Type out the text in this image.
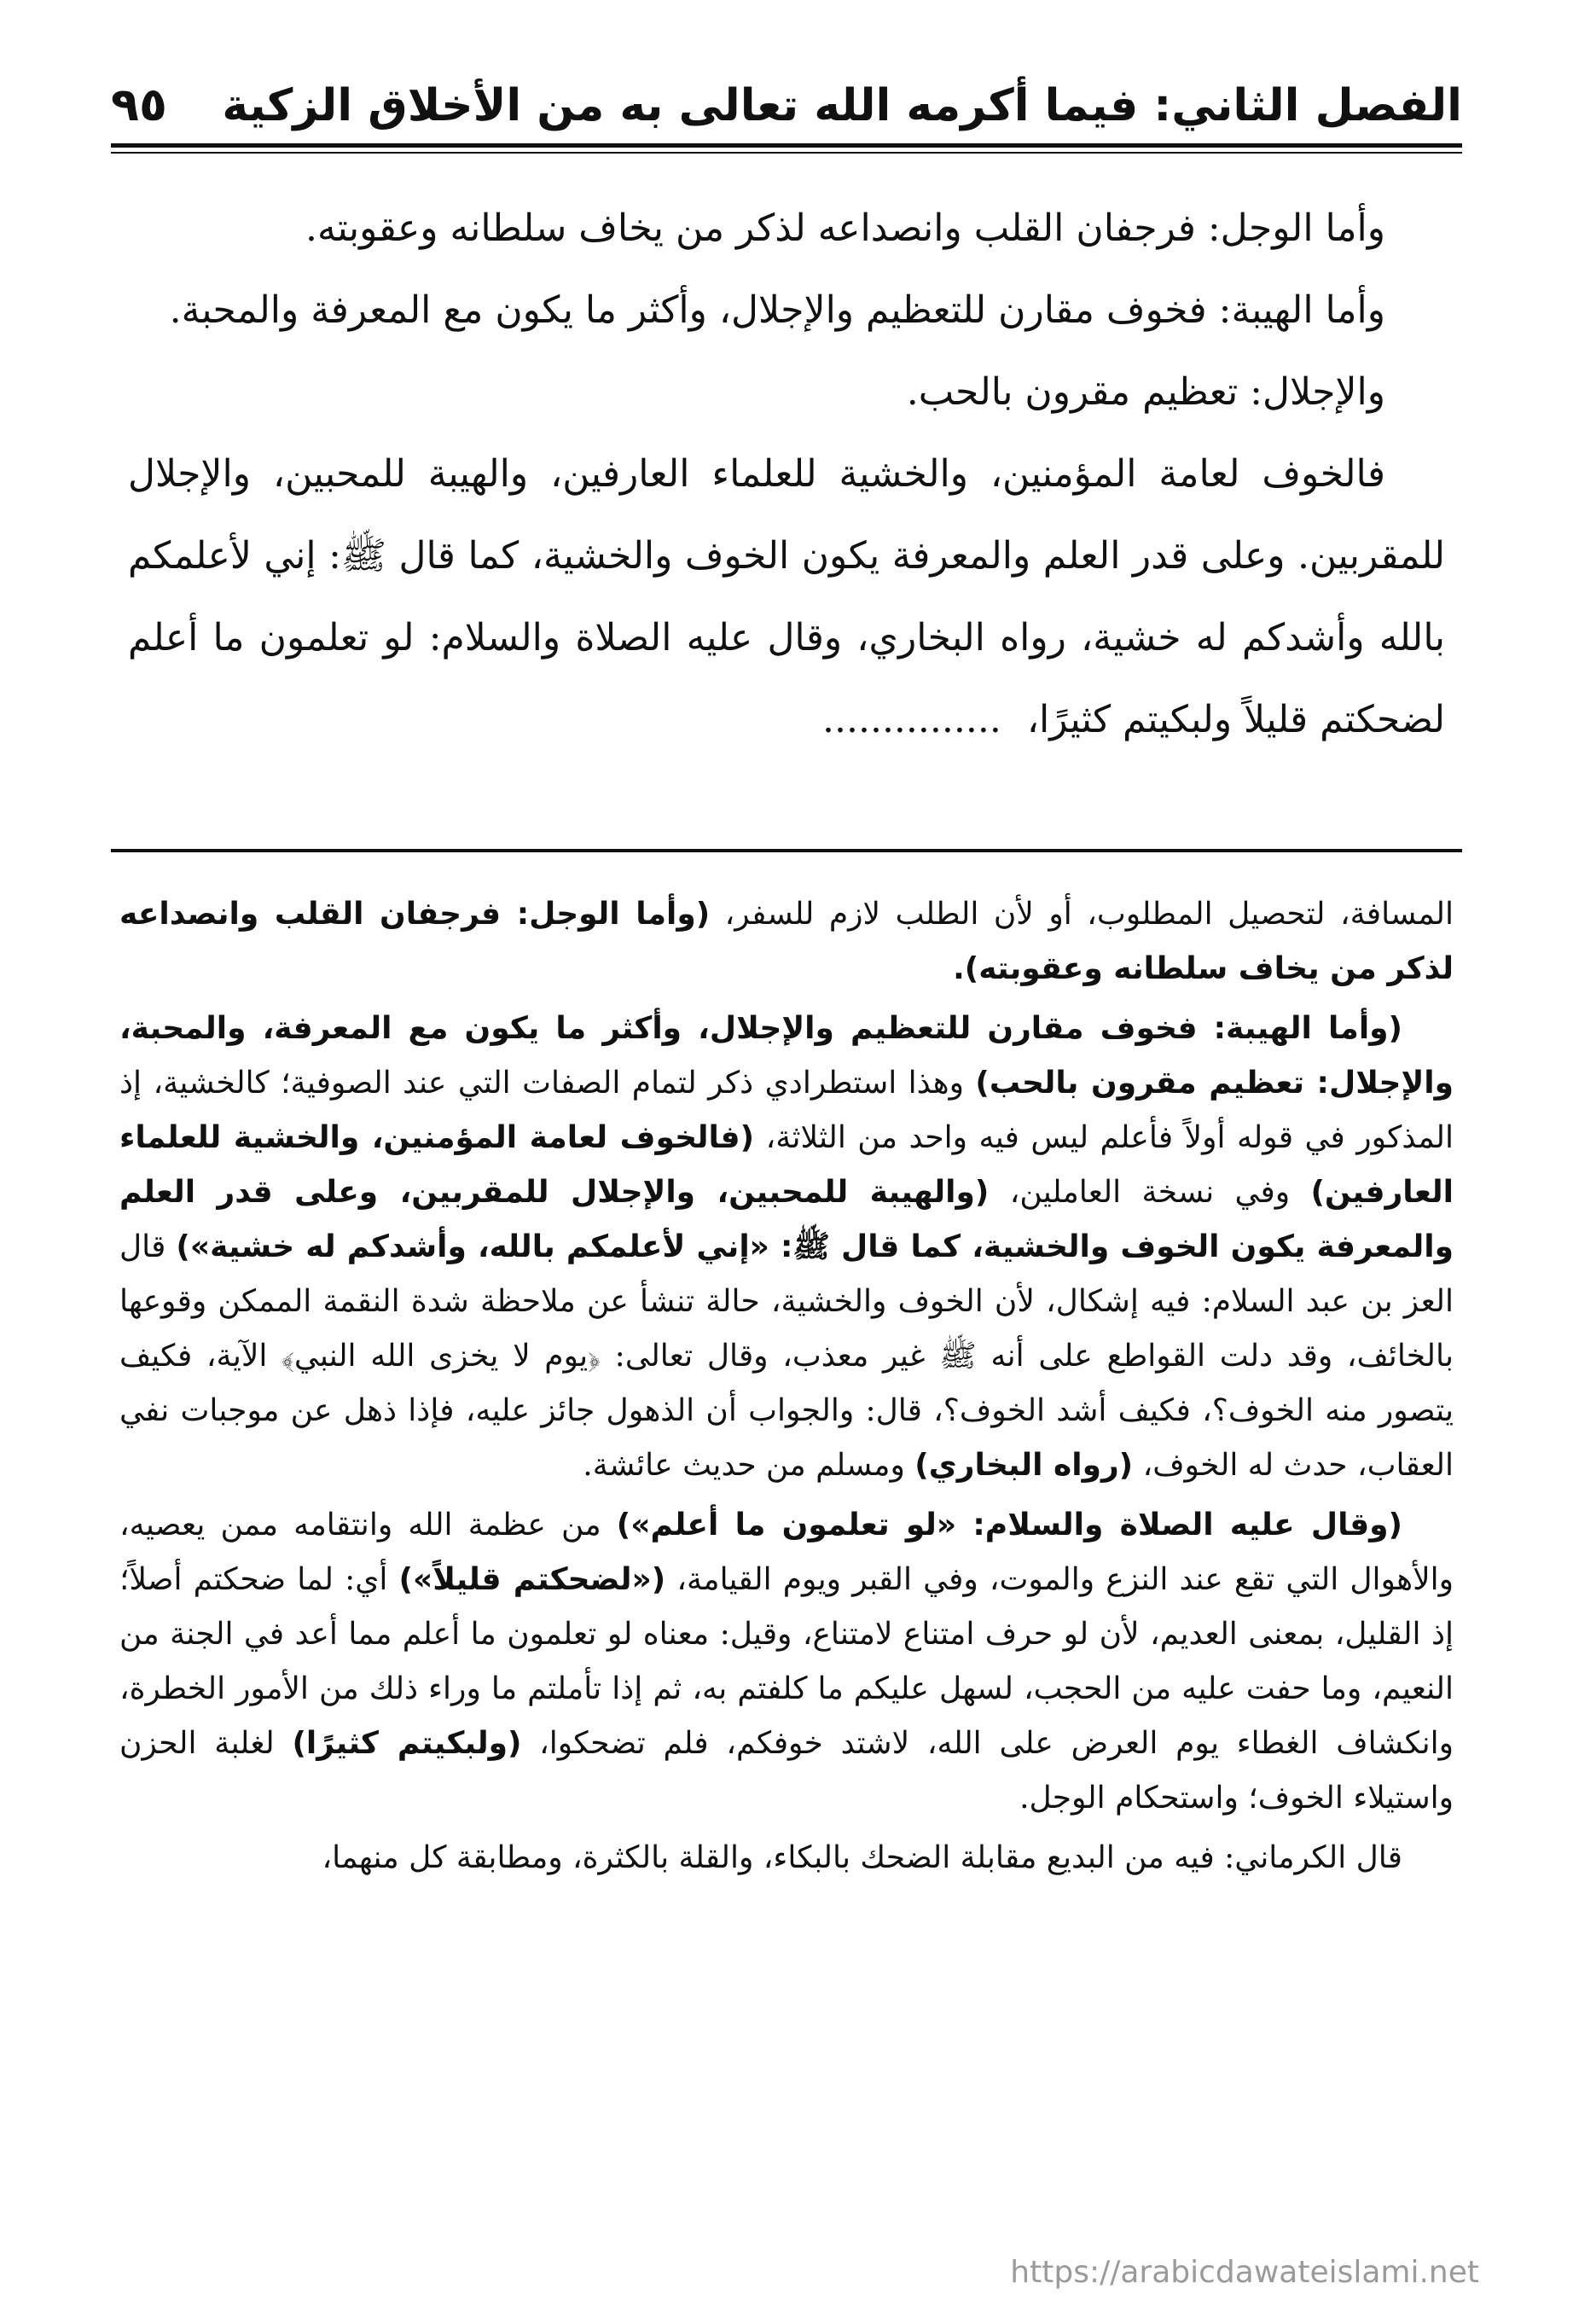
الفصل الثاني: فيما أكرمه الله تعالى به من الأخلاق الزكية
٩٥

وأما الوجل: فرجفان القلب وانصداعه لذكر من يخاف سلطانه وعقوبته.

وأما الهيبة: فخوف مقارن للتعظيم والإجلال، وأكثر ما يكون مع المعرفة والمحبة.

والإجلال: تعظيم مقرون بالحب.

فالخوف لعامة المؤمنين، والخشية للعلماء العارفين، والهيبة للمحبين، والإجلال للمقربين. وعلى قدر العلم والمعرفة يكون الخوف والخشية، كما قال ﷺ: إني لأعلمكم بالله وأشدكم له خشية، رواه البخاري، وقال عليه الصلاة والسلام: لو تعلمون ما أعلم لضحكتم قليلاً ولبكيتم كثيرًا،...............

المسافة، لتحصيل المطلوب، أو لأن الطلب لازم للسفر، (وأما الوجل: فرجفان القلب وانصداعه لذكر من يخاف سلطانه وعقوبته).

(وأما الهيبة: فخوف مقارن للتعظيم والإجلال، وأكثر ما يكون مع المعرفة، والمحبة، والإجلال: تعظيم مقرون بالحب) وهذا استطرادي ذكر لتمام الصفات التي عند الصوفية؛ كالخشية، إذ المذكور في قوله أولاً فأعلم ليس فيه واحد من الثلاثة، (فالخوف لعامة المؤمنين، والخشية للعلماء العارفين) وفي نسخة العاملين، (والهيبة للمحبين، والإجلال للمقربين، وعلى قدر العلم والمعرفة يكون الخوف والخشية، كما قال ﷺ: «إني لأعلمكم بالله، وأشدكم له خشية») قال العز بن عبد السلام: فيه إشكال، لأن الخوف والخشية، حالة تنشأ عن ملاحظة شدة النقمة الممكن وقوعها بالخائف، وقد دلت القواطع على أنه ﷺ غير معذب، وقال تعالى: ﴿يوم لا يخزى الله النبي﴾ الآية، فكيف يتصور منه الخوف؟، فكيف أشد الخوف؟، قال: والجواب أن الذهول جائز عليه، فإذا ذهل عن موجبات نفي العقاب، حدث له الخوف، (رواه البخاري) ومسلم من حديث عائشة.

(وقال عليه الصلاة والسلام: «لو تعلمون ما أعلم») من عظمة الله وانتقامه ممن يعصيه، والأهوال التي تقع عند النزع والموت، وفي القبر ويوم القيامة، («لضحكتم قليلاً») أي: لما ضحكتم أصلاً؛ إذ القليل، بمعنى العديم، لأن لو حرف امتناع لامتناع، وقيل: معناه لو تعلمون ما أعلم مما أعد في الجنة من النعيم، وما حفت عليه من الحجب، لسهل عليكم ما كلفتم به، ثم إذا تأملتم ما وراء ذلك من الأمور الخطرة، وانكشاف الغطاء يوم العرض على الله، لاشتد خوفكم، فلم تضحكوا، (ولبكيتم كثيرًا) لغلبة الحزن واستيلاء الخوف؛ واستحكام الوجل.

قال الكرماني: فيه من البديع مقابلة الضحك بالبكاء، والقلة بالكثرة، ومطابقة كل منهما،

https://arabicdawateislami.net
